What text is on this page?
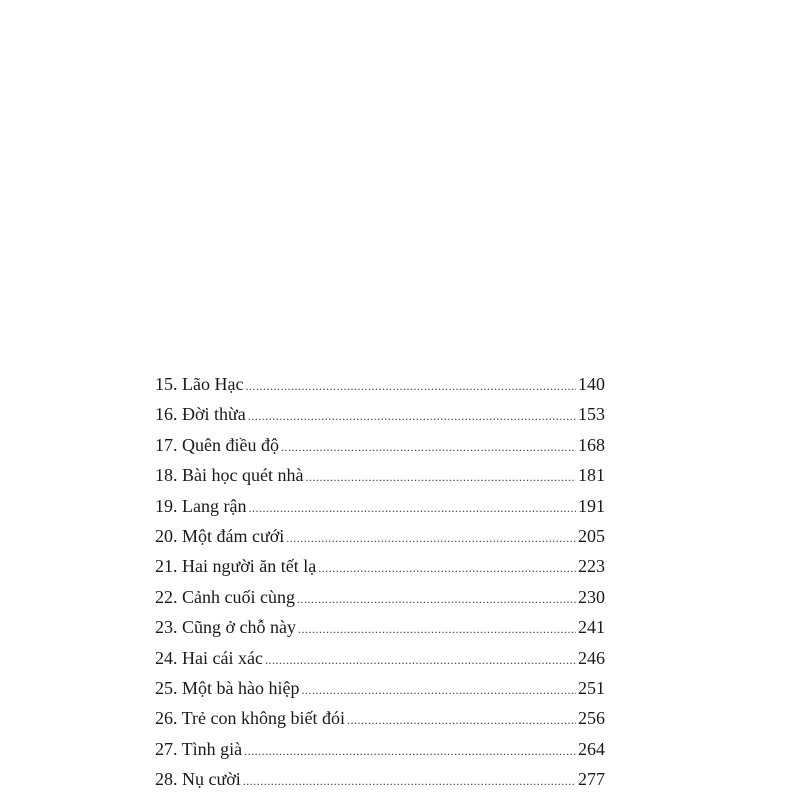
15. Lão Hạc .....	140
16. Đời thừa .....	153
17. Quên điều độ .....	168
18. Bài học quét nhà .....	181
19. Lang rận .....	191
20. Một đám cưới .....	205
21. Hai người ăn tết lạ .....	223
22. Cảnh cuối cùng .....	230
23. Cũng ở chỗ này .....	241
24. Hai cái xác .....	246
25. Một bà hào hiệp .....	251
26. Trẻ con không biết đói .....	256
27. Tình già .....	264
28. Nụ cười .....	277
